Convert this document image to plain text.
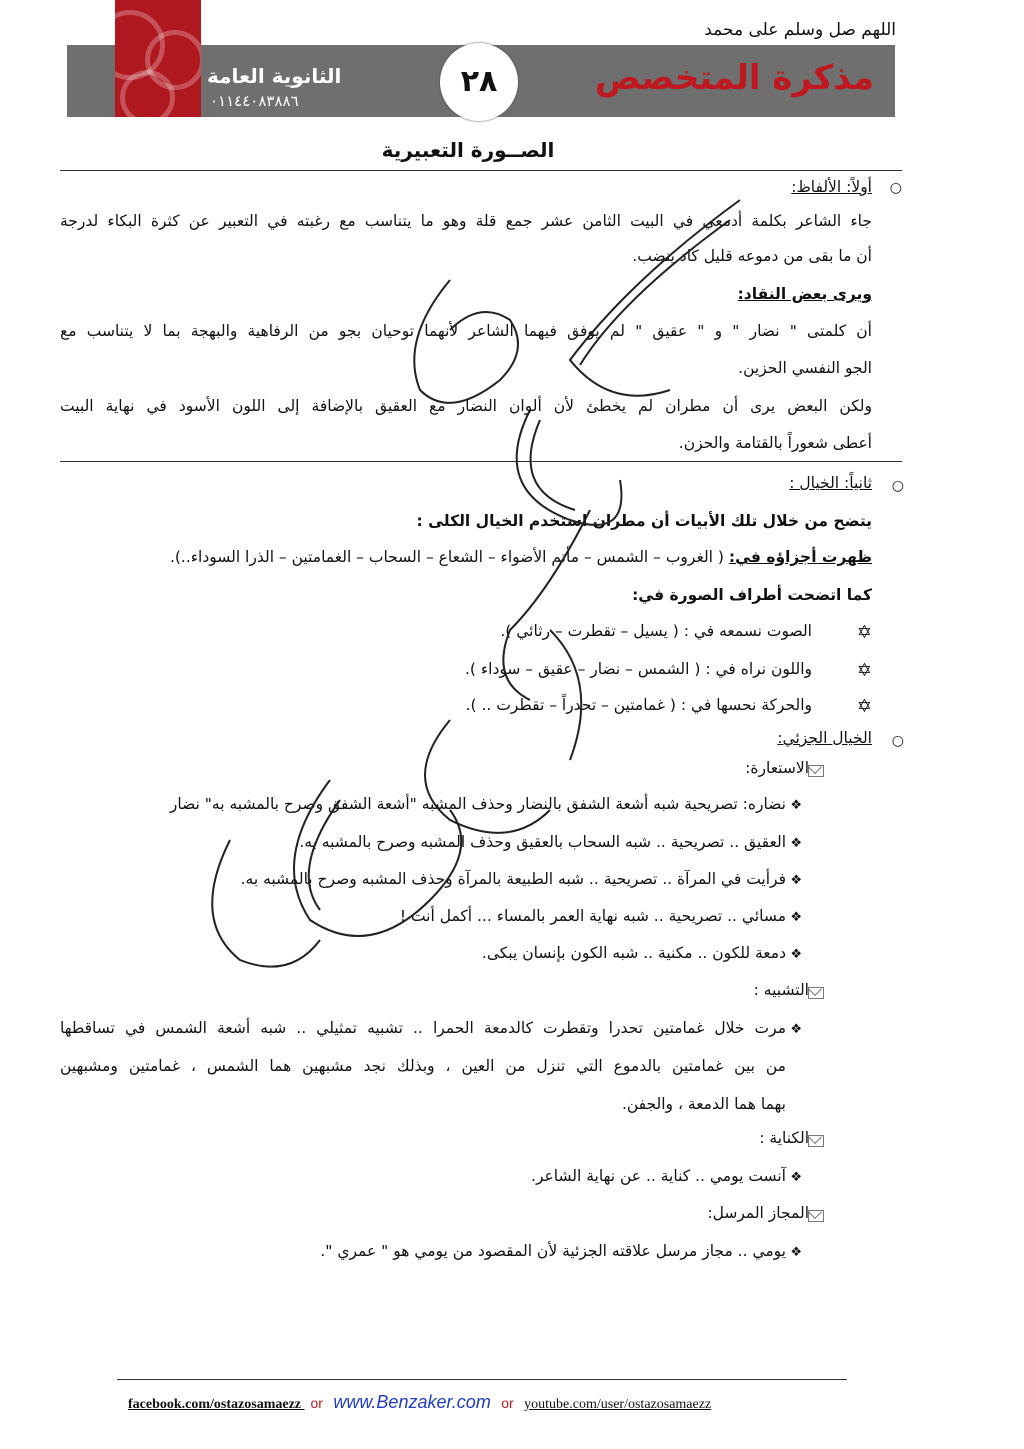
اللهم صل وسلم على محمد
الثانوية العامة
٠١١٤٤٠٨٣٨٨٦
٢٨	مذكرة المتخصص
الصــورة التعبيرية
○
أولاً: الألفاظ:
جاء الشاعر بكلمة أدمعي في البيت الثامن عشر جمع قلة وهو ما يتناسب مع رغبته في التعبير عن كثرة البكاء لدرجة
أن ما بقى من دموعه قليل كاد ينضب.
ويرى بعض النقاد:
أن كلمتى " نضار " و " عقيق " لم يوفق فيهما الشاعر لأنهما توحيان بجو من الرفاهية والبهجة بما لا يتناسب مع
الجو النفسي الحزين.
ولكن البعض يرى أن مطران لم يخطئ لأن ألوان النضار مع العقيق بالإضافة إلى اللون الأسود في نهاية البيت
أعطى شعوراً بالقتامة والحزن.
○
ثانياً: الخيال :
يتضح من خلال تلك الأبيات أن مطران استخدم الخيال الكلى :
ظهرت أجزاؤه في: ( الغروب – الشمس – مأتم الأضواء – الشعاع – السحاب – الغمامتين – الذرا السوداء..).
كما اتضحت أطراف الصورة في:
✡
الصوت نسمعه في : ( يسيل – تقطرت – رثائي ).
✡
واللون نراه في : ( الشمس – نضار – عقيق – سوداء ).
✡
والحركة نحسها في : ( غمامتين – تحدراً – تقطرت .. ).
○
الخيال الجزئي:
الاستعارة:
❖
نضاره: تصريحية شبه أشعة الشفق بالنضار وحذف المشبه "أشعة الشفق وصرح بالمشبه به" نضار
❖
العقيق .. تصريحية .. شبه السحاب بالعقيق وحذف المشبه وصرح بالمشبه به.
❖
فرأيت في المرآة .. تصريحية .. شبه الطبيعة بالمرآة وحذف المشبه وصرح بالمشبه به.
❖
مسائي .. تصريحية .. شبه نهاية العمر بالمساء ... أكمل أنت !
❖
دمعة للكون .. مكنية .. شبه الكون بإنسان يبكى.
التشبيه :
❖
مرت خلال غمامتين تحدرا وتقطرت كالدمعة الحمرا .. تشبيه تمثيلي .. شبه أشعة الشمس في تساقطها
من بين غمامتين بالدموع التي تنزل من العين ، وبذلك نجد مشبهين هما الشمس ، غمامتين ومشبهين
بهما هما الدمعة ، والجفن.
الكناية :
❖
آنست يومي .. كناية .. عن نهاية الشاعر.
المجاز المرسل:
❖
يومي .. مجاز مرسل علاقته الجزئية لأن المقصود من يومي هو " عمري ".
facebook.com/ostazosamaezz or www.Benzaker.com or youtube.com/user/ostazosamaezz
